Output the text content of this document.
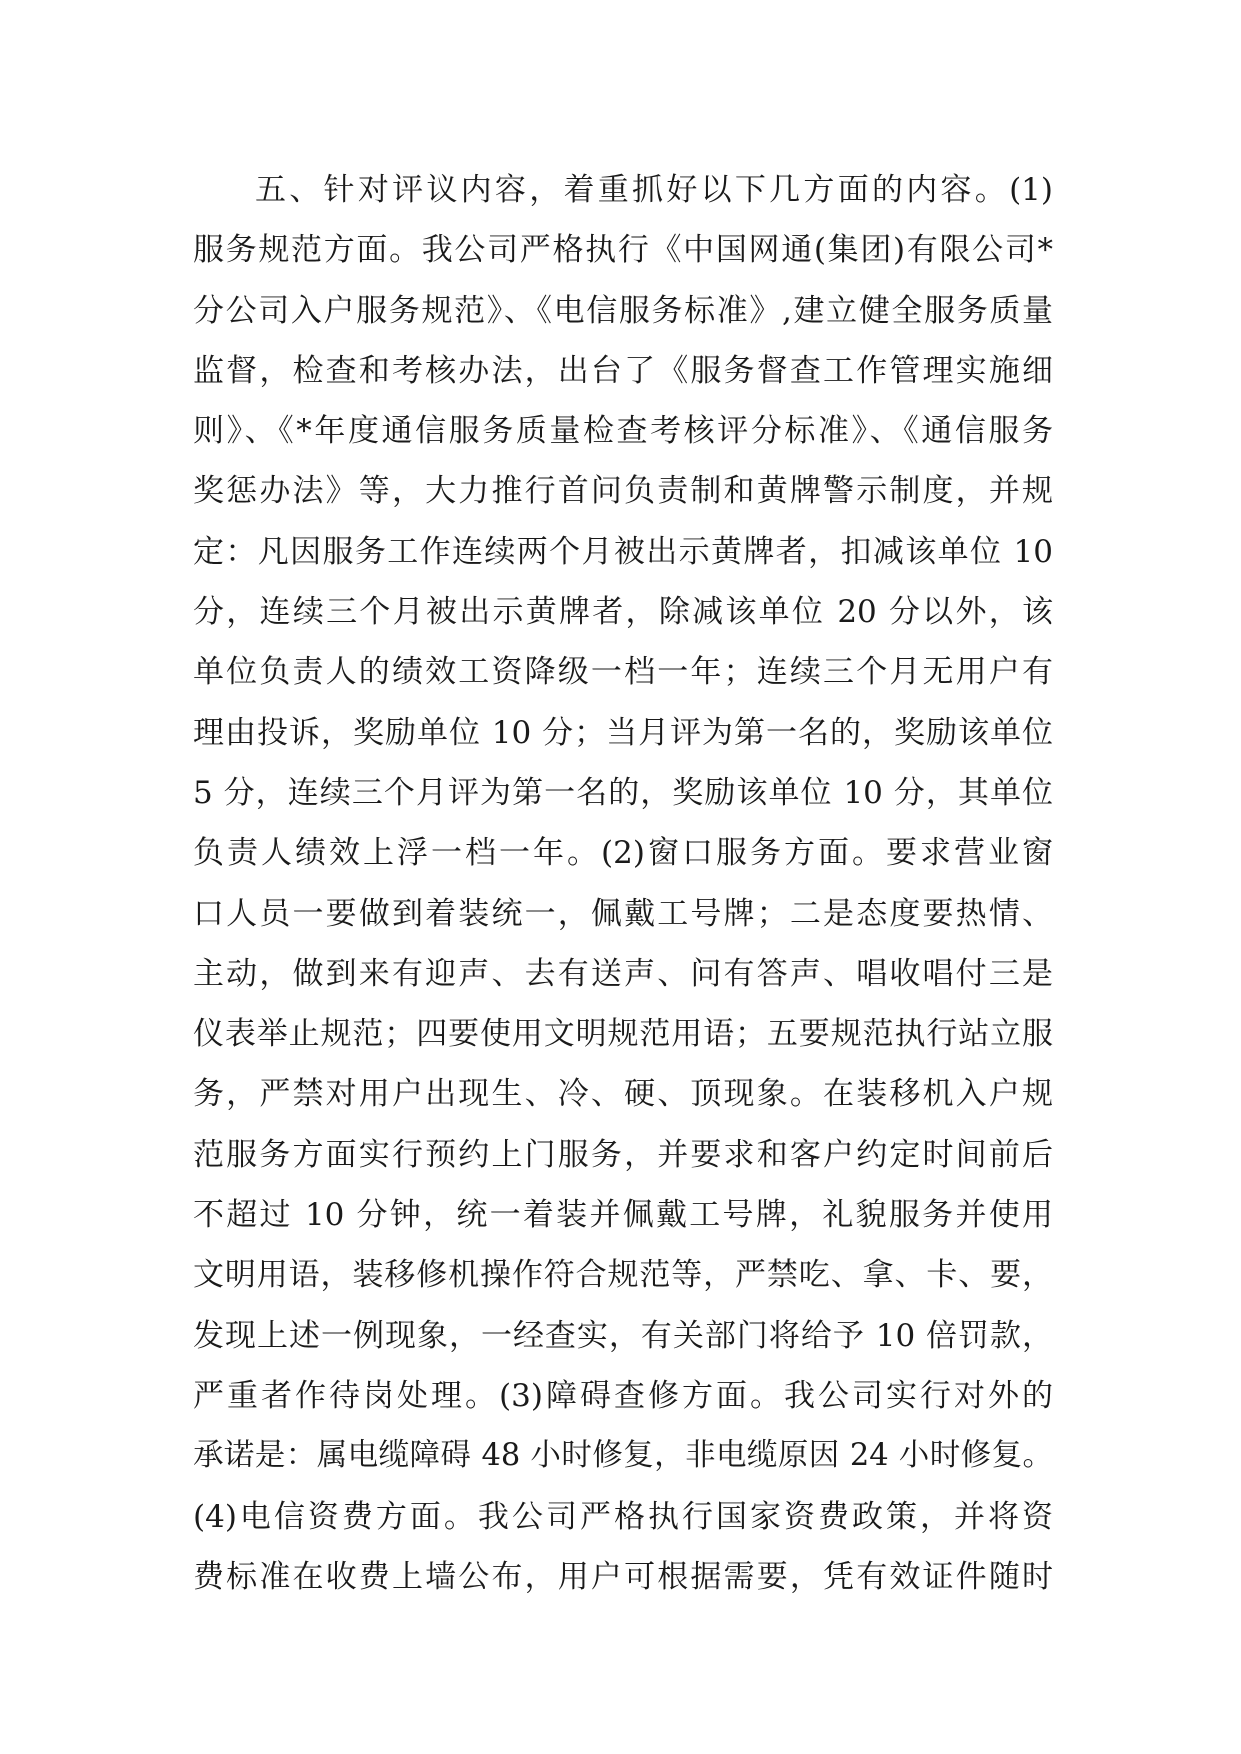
五、针对评议内容，着重抓好以下几方面的内容。(1)
服务规范方面。我公司严格执行《中国网通(集团)有限公司*
分公司入户服务规范》、《电信服务标准》,建立健全服务质量
监督，检查和考核办法，出台了《服务督查工作管理实施细
则》、《*年度通信服务质量检查考核评分标准》、《通信服务
奖惩办法》等，大力推行首问负责制和黄牌警示制度，并规
定：凡因服务工作连续两个月被出示黄牌者，扣减该单位 10
分，连续三个月被出示黄牌者，除减该单位 20 分以外，该
单位负责人的绩效工资降级一档一年；连续三个月无用户有
理由投诉，奖励单位 10 分；当月评为第一名的，奖励该单位
5 分，连续三个月评为第一名的，奖励该单位 10 分，其单位
负责人绩效上浮一档一年。(2)窗口服务方面。要求营业窗
口人员一要做到着装统一，佩戴工号牌；二是态度要热情、
主动，做到来有迎声、去有送声、问有答声、唱收唱付三是
仪表举止规范；四要使用文明规范用语；五要规范执行站立服
务，严禁对用户出现生、冷、硬、顶现象。在装移机入户规
范服务方面实行预约上门服务，并要求和客户约定时间前后
不超过 10 分钟，统一着装并佩戴工号牌，礼貌服务并使用
文明用语，装移修机操作符合规范等，严禁吃、拿、卡、要，
发现上述一例现象，一经查实，有关部门将给予 10 倍罚款，
严重者作待岗处理。(3)障碍查修方面。我公司实行对外的
承诺是：属电缆障碍 48 小时修复，非电缆原因 24 小时修复。
(4)电信资费方面。我公司严格执行国家资费政策，并将资
费标准在收费上墙公布，用户可根据需要，凭有效证件随时
